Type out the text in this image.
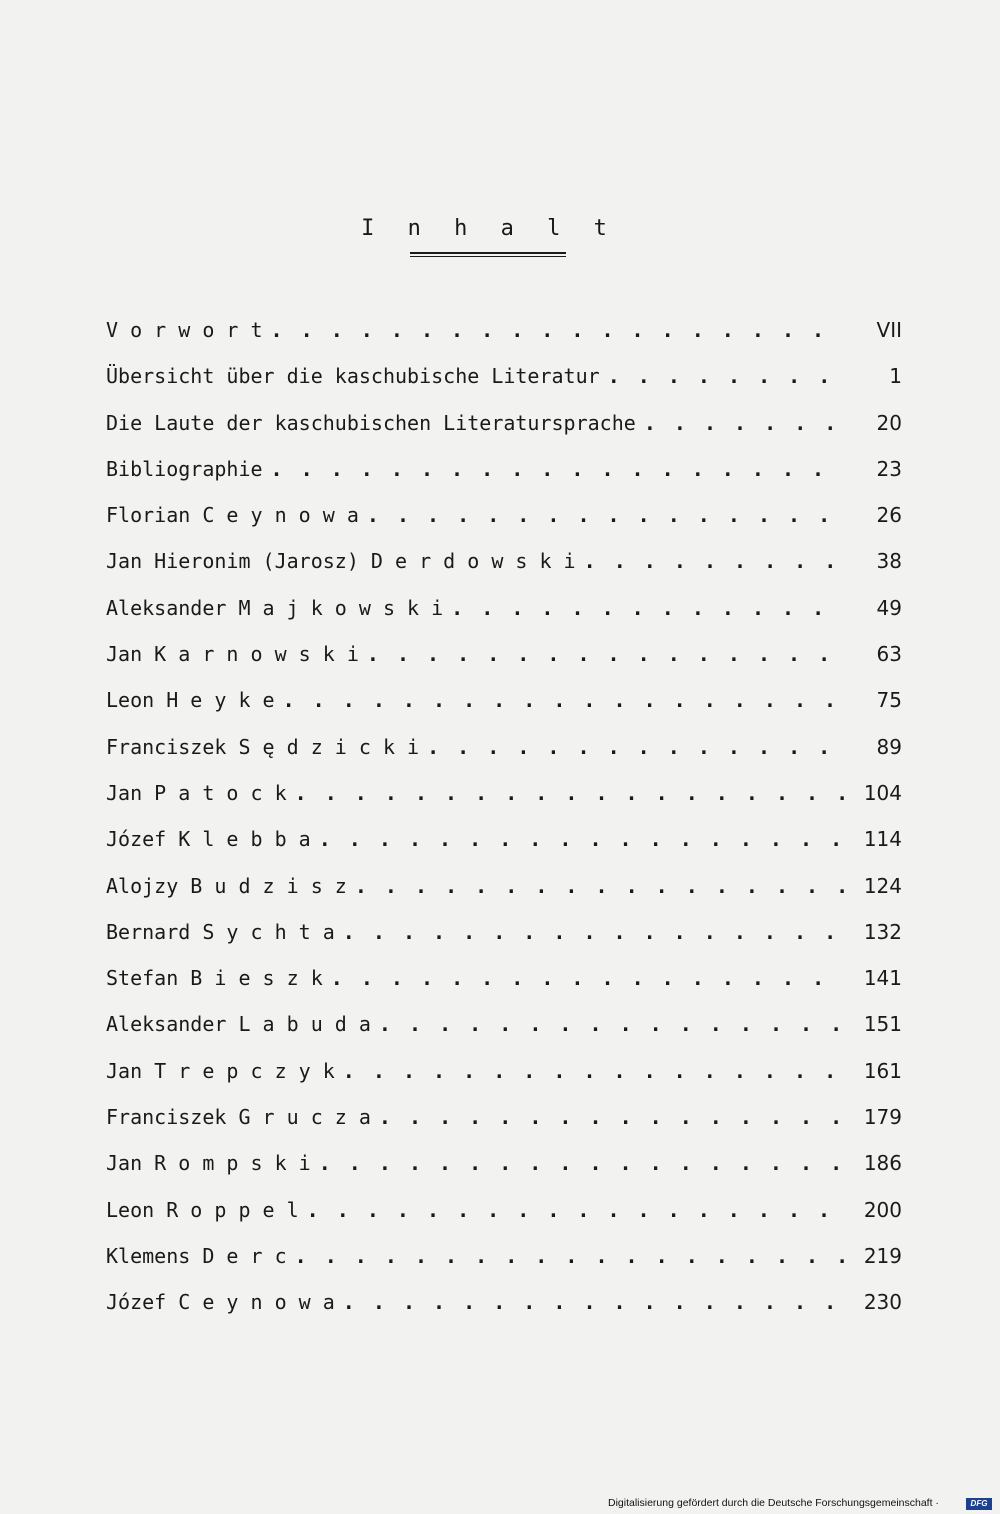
I n h a l t
V o r w o r t . . .	VII
Übersicht über die kaschubische Literatur . . .	1
Die Laute der kaschubischen Literatursprache . . .	20
Bibliographie . . .	23
Florian C e y n o w a . . .	26
Jan Hieronim (Jarosz) D e r d o w s k i . . .	38
Aleksander M a j k o w s k i . . .	49
Jan K a r n o w s k i . . .	63
Leon H e y k e . . .	75
Franciszek S ę d z i c k i . . .	89
Jan P a t o c k . . .	104
Józef K l e b b a . . .	114
Alojzy B u d z i s z . . .	124
Bernard S y c h t a . . .	132
Stefan B i e s z k . . .	141
Aleksander L a b u d a . . .	151
Jan T r e p c z y k . . .	161
Franciszek G r u c z a . . .	179
Jan R o m p s k i . . .	186
Leon R o p p e l . . .	200
Klemens D e r c . . .	219
Józef C e y n o w a . . .	230
Digitalisierung gefördert durch die Deutsche Forschungsgemeinschaft ·	DFG
